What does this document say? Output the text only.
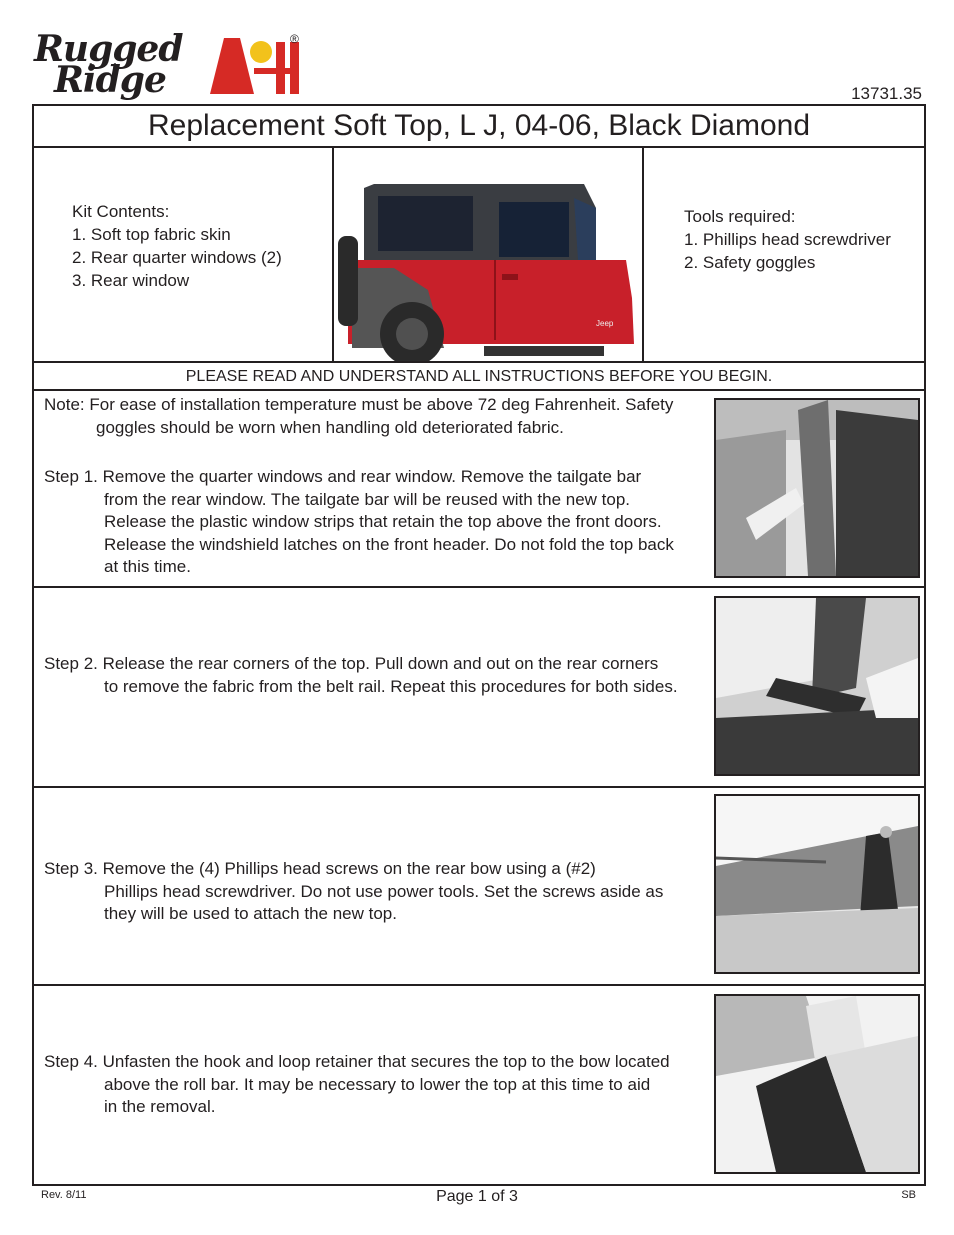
Rugged
Ridge
®
13731.35
Replacement Soft Top, L J, 04-06, Black Diamond
Kit Contents:
1. Soft top fabric skin
2. Rear quarter windows (2)
3. Rear window
Jeep
Tools required:
1. Phillips head screwdriver
2. Safety goggles
PLEASE READ AND UNDERSTAND ALL INSTRUCTIONS BEFORE YOU BEGIN.
Note: For ease of installation temperature must be above 72 deg Fahrenheit. Safety
goggles should be worn when handling old deteriorated fabric.
Step 1. Remove the quarter windows and rear window. Remove the tailgate bar
from the rear window. The tailgate bar will be reused with the new top.
Release the plastic window strips that retain the top above the front doors.
Release the windshield latches on the front header. Do not fold the top back
at this time.
Step 2. Release the rear corners of the top. Pull down and out on the rear corners
to remove the fabric from the belt rail. Repeat this procedures for both sides.
Step 3. Remove the (4) Phillips head screws on the rear bow using a (#2)
Phillips head screwdriver. Do not use power tools. Set the screws aside as
they will be used to attach the new top.
Step 4. Unfasten the hook and loop retainer that secures the top to the bow located
above the roll bar. It may be necessary to lower the top at this time to aid
in the removal.
Rev. 8/11	Page 1 of 3	SB
